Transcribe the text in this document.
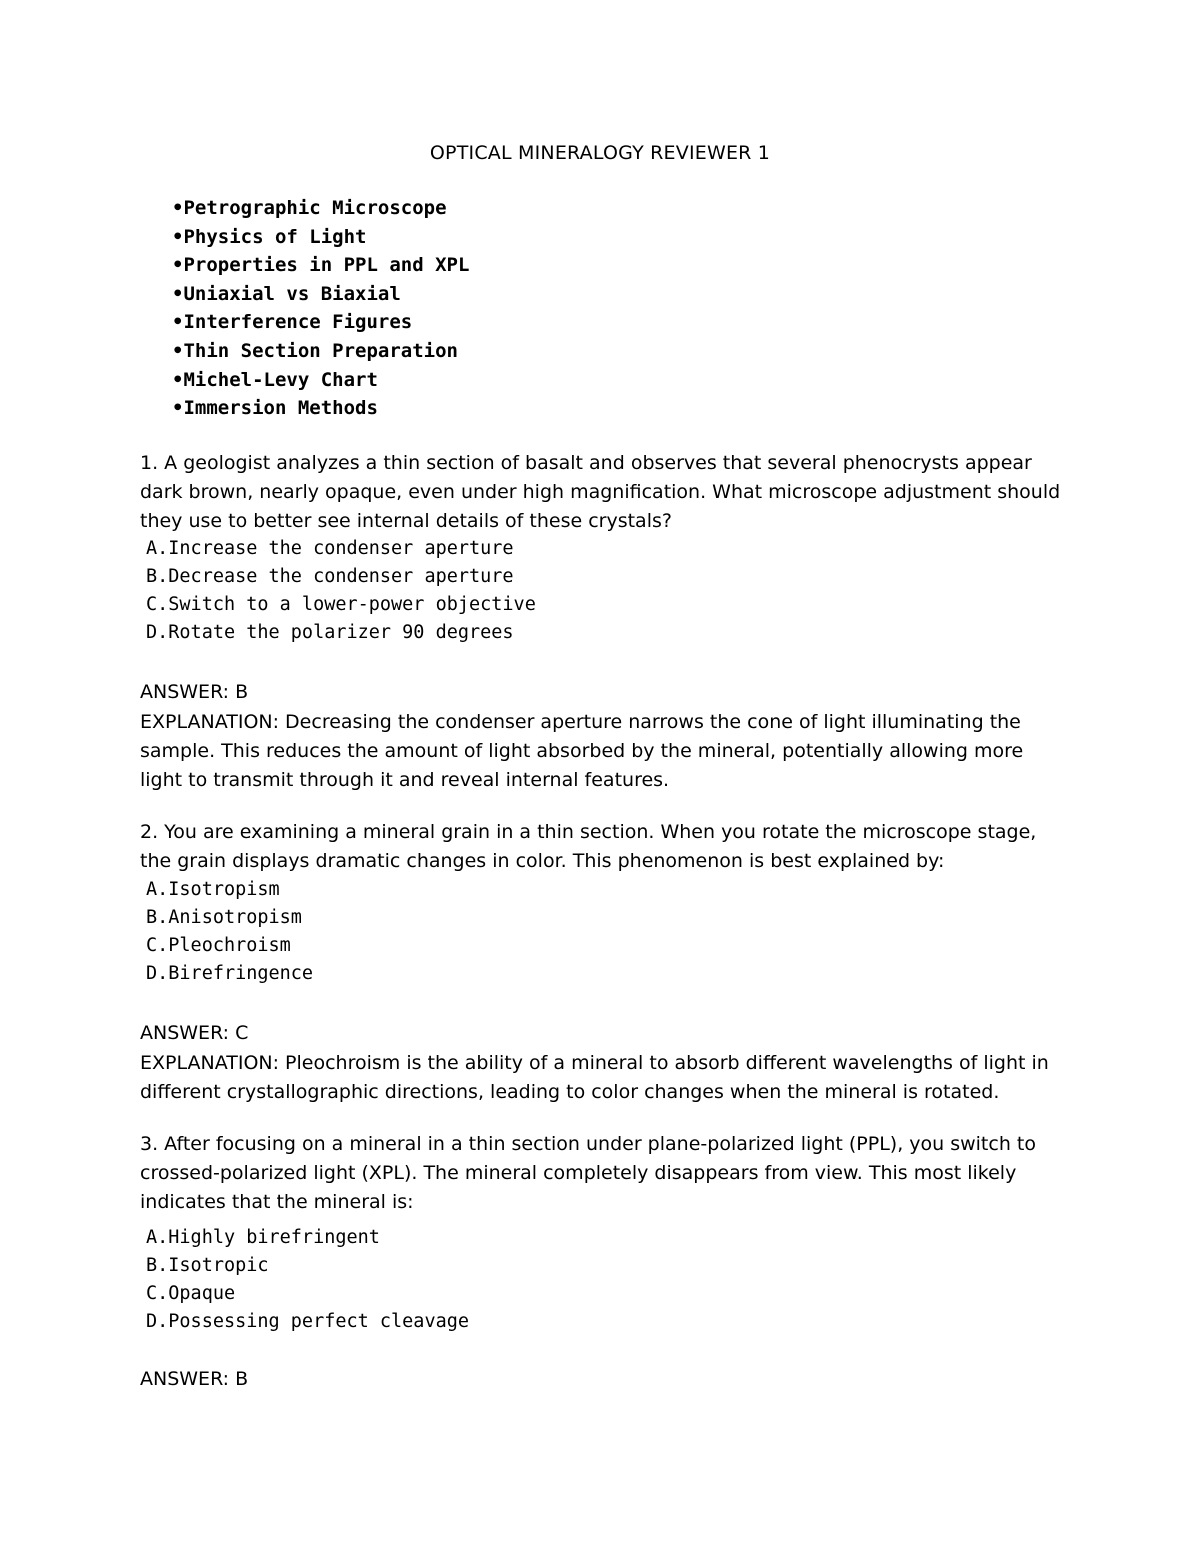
OPTICAL MINERALOGY REVIEWER 1
•Petrographic Microscope
•Physics of Light
•Properties in PPL and XPL
•Uniaxial vs Biaxial
•Interference Figures
•Thin Section Preparation
•Michel-Levy Chart
•Immersion Methods
1. A geologist analyzes a thin section of basalt and observes that several phenocrysts appear dark brown, nearly opaque, even under high magnification. What microscope adjustment should they use to better see internal details of these crystals?
A.Increase the condenser aperture
B.Decrease the condenser aperture
C.Switch to a lower-power objective
D.Rotate the polarizer 90 degrees
ANSWER: B
EXPLANATION: Decreasing the condenser aperture narrows the cone of light illuminating the sample. This reduces the amount of light absorbed by the mineral, potentially allowing more light to transmit through it and reveal internal features.
2. You are examining a mineral grain in a thin section. When you rotate the microscope stage, the grain displays dramatic changes in color. This phenomenon is best explained by:
A.Isotropism
B.Anisotropism
C.Pleochroism
D.Birefringence
ANSWER: C
EXPLANATION: Pleochroism is the ability of a mineral to absorb different wavelengths of light in different crystallographic directions, leading to color changes when the mineral is rotated.
3. After focusing on a mineral in a thin section under plane-polarized light (PPL), you switch to crossed-polarized light (XPL). The mineral completely disappears from view. This most likely indicates that the mineral is:
A.Highly birefringent
B.Isotropic
C.Opaque
D.Possessing perfect cleavage
ANSWER: B
